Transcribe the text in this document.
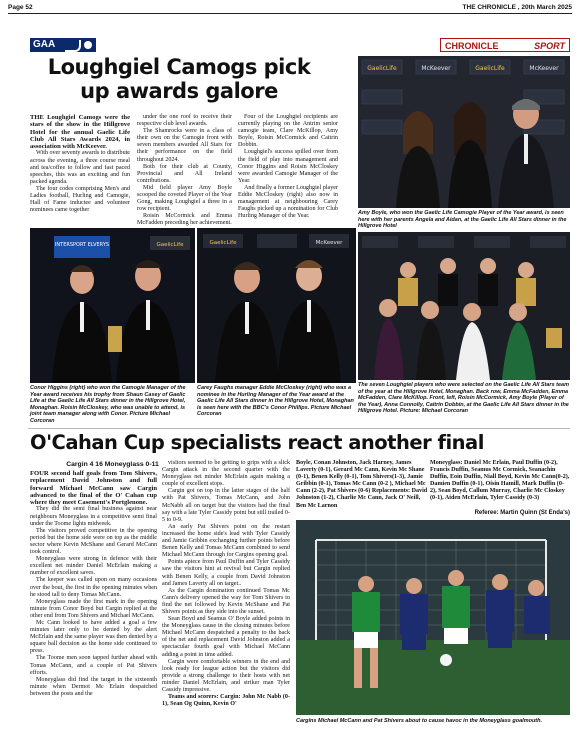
Page 52	THE CHRONICLE , 20th March 2025
GAA	CHRONICLE	SPORT
Loughgiel Camogs pick up awards galore

THE Loughgiel Camogs were the stars of the show in the Hillgrove Hotel for the annual Gaelic Life Club All Stars Awards 2024, in association with McKeever.

With over seventy awards to distribute across the evening, a three course meal and tea/coffee to follow and fast paced speeches, this was an exciting and fun packed agenda.

The four codes comprising Men's and Ladies football, Hurling and Camogie, Hall of Fame inductee and volunteer nominees came together

under the one roof to receive their respective club level awards.

The Shamrocks were in a class of their own on the Camogie front with seven members awarded All Stars for their performance on the field throughout 2024.

Both for their club at County, Provincial and All Ireland contributions.

Mid field player Amy Boyle scooped the coveted Player of the Year Gong, making Loughgiel a three in a row recipient.

Roisin McCormick and Emma McFadden preceding her achievement.

Four of the Loughgiel recipients are currently playing on the Antrim senior camogie team, Clare McKillop, Amy Boyle, Roisin McCormick and Caitrin Dobbin.

Loughgiel's success spilled over from the field of play into management and Conor Higgins and Roisin McCloskey were awarded Camogie Manager of the Year.

And finally a former Loughgiel player Eddie McCloskey (right) also now in management at neighbouring Carey Faughs picked up a nomination for Club Hurling Manager of the Year.

GaelicLife	McKeever	GaelicLife	McKeever
Amy Boyle, who won the Gaelic Life Camogie Player of the Year award, is seen here with her parents Angela and Aidan, at the Gaelic Life All Stars dinner in the Hillgrove Hotel
INTERSPORT ELVERYS	GaelicLife
Conor Higgins (right) who won the Camogie Manager of the Year award receives his trophy from Shaun Casey of Gaelic Life at the Gaelic Life All Stars dinner in the Hillgrove Hotel, Monaghan. Roisin McCloskey, who was unable to attend, is joint team manager along with Conor. Picture Michael Corcoran
GaelicLife	McKeever
Carey Faughs manager Eddie McCloskey (right) who was a nominee in the Hurling Manager of the Year award at the Gaelic Life All Stars dinner in the Hillgrove Hotel, Monaghan is seen here with the BBC's Conor Phillips. Picture Michael Corcoran
The seven Loughgiel players who were selected on the Gaelic Life All Stars team of the year at the Hillgrove Hotel, Monaghan. Back row, Emma McFadden, Emma McFadden, Clare McKillop. Front, left, Roisin McCormick, Amy Boyle (Player of the Year), Anna Connolly, Caitrin Dobbin, at the Gaelic Life All Stars dinner in the Hillgrove Hotel. Picture: Michael Corcoran
O'Cahan Cup specialists react another final
Cargin 4 16 Moneyglass 0-11

FOUR second half goals from Tom Shivers, replacement David Johnston and full forward Michael McCann saw Cargin advanced to the final of the O' Cahan cup where they meet Casement's Portglenone.

They did the semi final business against near neighbours Moneyglass in a competitive semi final under the Toome lights midweek.

The visitors proved competitive in the opening period but the home side were on top as the middle sector where Kevin McShane and Gerard McCann took control.

Moneyglass were strong in defence with their excellent net minder Daniel McErlain making a number of excellent saves.

The keeper was called upon on many occasions over the bout, the first in the opening minutes when he stood tall to deny Tomas McCann.

Moneyglass made the first mark in the opening minute from Conor Boyd but Cargin replied at the other end from Tom Shivers and Michael McCann.

Mc Cann looked to have added a goal a few minutes later only to be denied by the alert McErlain and the same player was then denied by a square ball decision as the home side continued to press.

The Toome men soon tapped further ahead with Tomas McCann, and a couple of Pat Shivers efforts.

Moneyglass did find the target in the sixteenth minute when Dermot Mc Erlain despatched between the posts and the

visitors seemed to be getting to grips with a slick Cargin attack in the second quarter with the Moneyglass net minder McErlain again making a couple of excellent stops.

Cargin got on top in the latter stages of the half with Pat Shivers, Tomas McCann, and John McNabb all on target but the visitors had the final say with a late Tyler Cassidy point but still trailed 0-5 to 0-9.

An early Pat Shivers point on the restart increased the home side's lead with Tyler Cassidy and Jamie Gribbin exchanging further points before Benen Kelly and Tomas McCann combined to send Michael McCann through for Cargins opening goal.

Points apiece from Paul Duffin and Tyler Cassidy saw the visitors hint at revival but Cargin replied with Benen Kelly, a couple from David Johnston and James Laverty all on target..

As the Cargin domination continued Tomas Mc Cann's delivery opened the way for Tom Shivers to find the net followed by Kevin McShane and Pat Shivers points as they side into the sunset.

Sean Boyd and Seamus O' Boyle added points in the Moneyglass cause in the closing minutes before Michael McCann despatched a penalty to the back of the net and replacement David Johnston added a spectacular fourth goal with Michael McCann adding a point in time added.

Cargin were comfortable winners in the end and look ready for league action but the visitors did provide a strong challenge to their hosts with net minder Daniel McErlain, and striker man Tyler Cassidy impressive.

Teams and scorers: Cargin: John Mc Nabb (0-1), Sean Og Quinn, Kevin O'

Boyle, Conan Johnston, Jack Harney, James Laverty (0-1), Gerard Mc Cann, Kevin Mc Shane (0-1), Benen Kelly (0-1), Tom Shivers(1-3), Jamie Gribbin (0-1), Tomas Mc Cann (0-2 ), Michael Mc Cann (2-2), Pat Shivers (0-6) Replacements: David Johnston (1-2), Charlie Mc Cann, Jack O' Neill, Ben Mc Larnon
Moneyglass: Daniel Mc Erlain, Paul Duffin (0-2), Francis Duffin, Seamus Mc Cormick, Seanachin Duffin, Eoin Duffin, Niall Boyd, Kevin Mc Cann(0-2), Damien Duffin (0-1), Oisin Hamill, Mark Duffin (0-2), Sean Boyd, Callum Murray, Charlie Mc Closkey (0-1), Aiden McErlain, Tyler Cassidy (0-3)
Referee: Martin Quinn (St Enda's)
Cargins Michael McCann and Pat Shivers about to cause havoc in the Moneyglass goalmouth.
